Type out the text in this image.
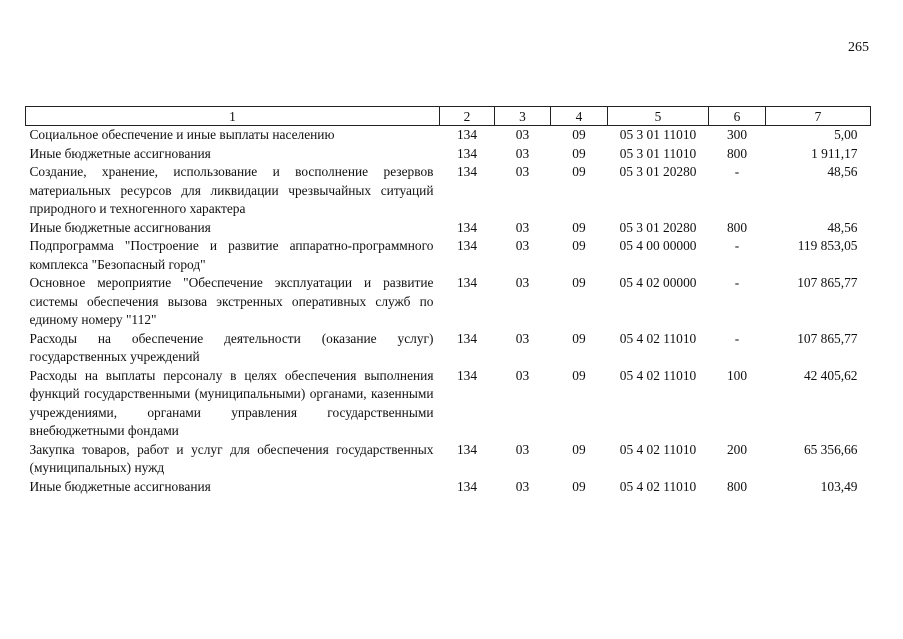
265
1	2	3	4	5	6	7
Социальное обеспечение и иные выплаты населению	134	03	09	05 3 01 11010	300	5,00
Иные бюджетные ассигнования	134	03	09	05 3 01 11010	800	1 911,17
Создание, хранение, использование и восполнение резервов материальных ресурсов для ликвидации чрезвычайных ситуаций природного и техногенного характера	134	03	09	05 3 01 20280	-	48,56
Иные бюджетные ассигнования	134	03	09	05 3 01 20280	800	48,56
Подпрограмма "Построение и развитие аппаратно-программного комплекса "Безопасный город"	134	03	09	05 4 00 00000	-	119 853,05
Основное мероприятие "Обеспечение эксплуатации и развитие системы обеспечения вызова экстренных оперативных служб по единому номеру "112"	134	03	09	05 4 02 00000	-	107 865,77
Расходы на обеспечение деятельности (оказание услуг) государственных учреждений	134	03	09	05 4 02 11010	-	107 865,77
Расходы на выплаты персоналу в целях обеспечения выполнения функций государственными (муниципальными) органами, казенными учреждениями, органами управления государственными внебюджетными фондами	134	03	09	05 4 02 11010	100	42 405,62
Закупка товаров, работ и услуг для обеспечения государственных (муниципальных) нужд	134	03	09	05 4 02 11010	200	65 356,66
Иные бюджетные ассигнования	134	03	09	05 4 02 11010	800	103,49
